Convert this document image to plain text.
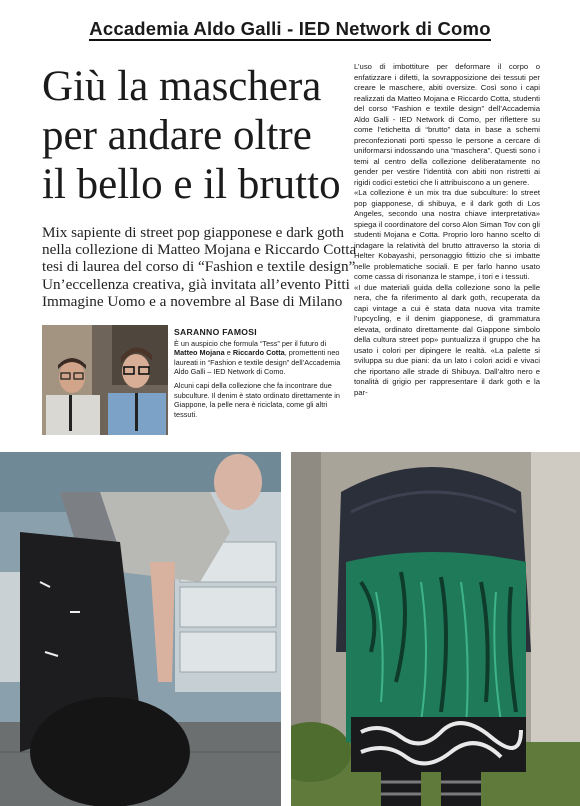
Accademia Aldo Galli - IED Network di Como
Giù la maschera
per andare oltre
il bello e il brutto
Mix sapiente di street pop giapponese e dark goth
nella collezione di Matteo Mojana e Riccardo Cotta
tesi di laurea del corso di “Fashion e textile design”
Un’eccellenza creativa, già invitata all’evento Pitti
Immagine Uomo e a novembre al Base di Milano
SARANNO FAMOSI

È un auspicio che formula “Tess” per il futuro di Matteo Mojana e Riccardo Cotta, promettenti neo laureati in “Fashion e textile design” dell’Accademia Aldo Galli – IED Network di Como.

Alcuni capi della collezione che fa incontrare due subculture. Il denim è stato ordinato direttamente in Giappone, la pelle nera è riciclata, come gli altri tessuti.

L’uso di imbottiture per deformare il corpo o enfatizzare i difetti, la sovrapposizione dei tessuti per creare le maschere, abiti oversize. Così sono i capi realizzati da Matteo Mojana e Riccardo Cotta, studenti del corso “Fashion e textile design” dell’Accademia Aldo Galli - IED Network di Como, per riflettere su come l’etichetta di “brutto” data in base a schemi preconfezionati porti spesso le persone a cercare di uniformarsi indossando una “maschera”. Questi sono i temi al centro della collezione deliberatamente no gender per vestire l’identità con abiti non ristretti ai rigidi codici estetici che li attribuiscono a un genere.

«La collezione è un mix tra due subculture: lo street pop giapponese, di shibuya, e il dark goth di Los Angeles, secondo una nostra chiave interpretativa» spiega il coordinatore del corso Alon Siman Tov con gli studenti Mojana e Cotta. Proprio loro hanno scelto di indagare la relatività del brutto attraverso la storia di Helter Kobayashi, personaggio fittizio che si imbatte nelle problematiche sociali. E per farlo hanno usato come cassa di risonanza le stampe, i tori e i tessuti.

«I due materiali guida della collezione sono la pelle nera, che fa riferimento al dark goth, recuperata da capi vintage a cui è stata data nuova vita tramite l’upcycling, e il denim giapponese, di grammatura elevata, ordinato direttamente dal Giappone simbolo della cultura street pop» puntualizza il gruppo che ha usato i colori per dipingere le realtà. «La palette si sviluppa su due piani: da un lato i colori acidi e vivaci che riportano alle strade di Shibuya. Dall’altro nero e tonalità di grigio per rappresentare il dark goth e la par-
